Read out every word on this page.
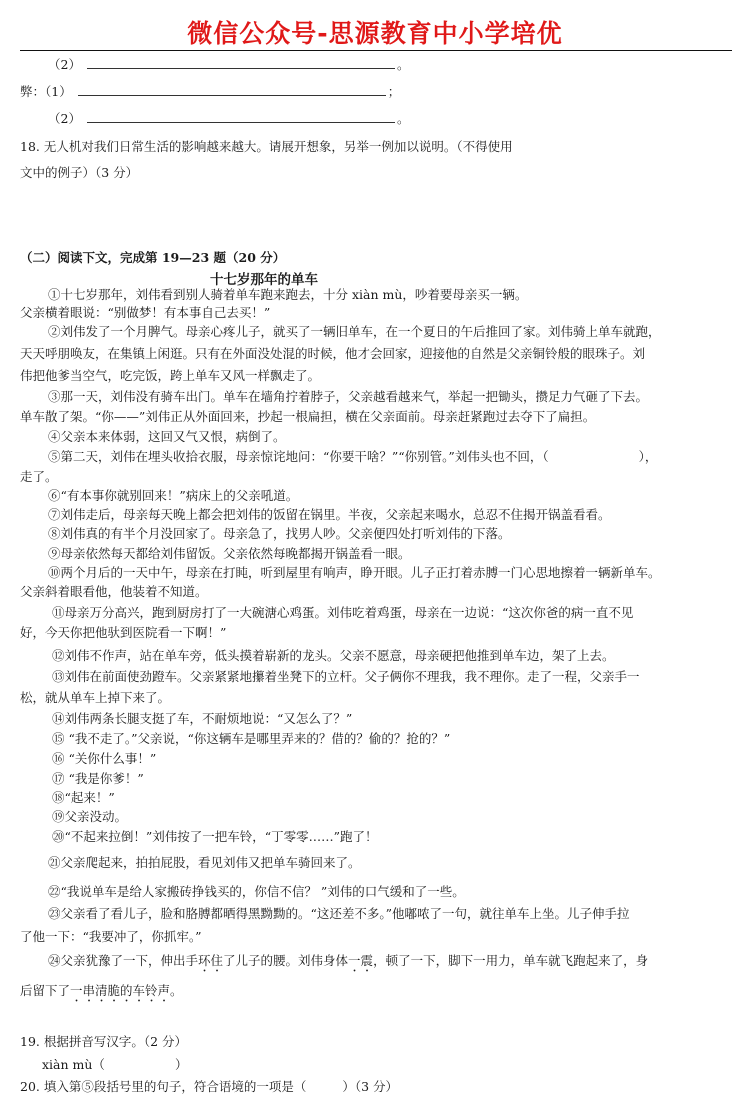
微信公众号-思源教育中小学培优
（2）	。
弊：（1）	；
（2）	。
18. 无人机对我们日常生活的影响越来越大。请展开想象，另举一例加以说明。（不得使用
文中的例子）（3 分）
（二）阅读下文，完成第 19—23 题（20 分）
十七岁那年的单车
①十七岁那年，刘伟看到别人骑着单车跑来跑去，十分 xiàn mù，吵着要母亲买一辆。
父亲横着眼说：“别做梦！有本事自己去买！”
②刘伟发了一个月脾气。母亲心疼儿子，就买了一辆旧单车，在一个夏日的午后推回了家。刘伟骑上单车就跑，
天天呼朋唤友，在集镇上闲逛。只有在外面没处混的时候，他才会回家，迎接他的自然是父亲铜铃般的眼珠子。刘
伟把他爹当空气，吃完饭，跨上单车又风一样飘走了。
③那一天，刘伟没有骑车出门。单车在墙角拧着脖子，父亲越看越来气，举起一把锄头，攒足力气砸了下去。
单车散了架。“你——”刘伟正从外面回来，抄起一根扁担，横在父亲面前。母亲赶紧跑过去夺下了扁担。
④父亲本来体弱，这回又气又恨，病倒了。
⑤第二天，刘伟在埋头收拾衣服，母亲惊诧地问：“你要干啥？”“你别管。”刘伟头也不回，（	），
走了。
⑥“有本事你就别回来！”病床上的父亲吼道。
⑦刘伟走后，母亲每天晚上都会把刘伟的饭留在锅里。半夜，父亲起来喝水，总忍不住揭开锅盖看看。
⑧刘伟真的有半个月没回家了。母亲急了，找男人吵。父亲便四处打听刘伟的下落。
⑨母亲依然每天都给刘伟留饭。父亲依然每晚都揭开锅盖看一眼。
⑩两个月后的一天中午，母亲在打盹，听到屋里有响声，睁开眼。儿子正打着赤膊一门心思地擦着一辆新单车。
父亲斜着眼看他，他装着不知道。
⑪母亲万分高兴，跑到厨房打了一大碗溏心鸡蛋。刘伟吃着鸡蛋，母亲在一边说：“这次你爸的病一直不见
好，今天你把他驮到医院看一下啊！”
⑫刘伟不作声，站在单车旁，低头摸着崭新的龙头。父亲不愿意，母亲硬把他推到单车边，架了上去。
⑬刘伟在前面使劲蹬车。父亲紧紧地攥着坐凳下的立杆。父子俩你不理我，我不理你。走了一程，父亲手一
松，就从单车上掉下来了。
⑭刘伟两条长腿支挺了车，不耐烦地说：“又怎么了？”
⑮ “我不走了。”父亲说，“你这辆车是哪里弄来的？借的？偷的？抢的？”
⑯ “关你什么事！”
⑰ “我是你爹！”
⑱“起来！”
⑲父亲没动。
⑳“不起来拉倒！”刘伟按了一把车铃，“丁零零……”跑了！
㉑父亲爬起来，拍拍屁股，看见刘伟又把单车骑回来了。
㉒“我说单车是给人家搬砖挣钱买的，你信不信？ ”刘伟的口气缓和了一些。
㉓父亲看了看儿子，脸和胳膊都晒得黑黝黝的。“这还差不多。”他嘟哝了一句，就往单车上坐。儿子伸手拉
了他一下：“我要冲了，你抓牢。”
㉔父亲犹豫了一下，伸出手环住了儿子的腰。刘伟身体一震，顿了一下，脚下一用力，单车就飞跑起来了，身
后留下了一串清脆的车铃声。
19. 根据拼音写汉字。（2 分）
xiàn mù（	）
20. 填入第⑤段括号里的句子，符合语境的一项是（	）（3 分）
